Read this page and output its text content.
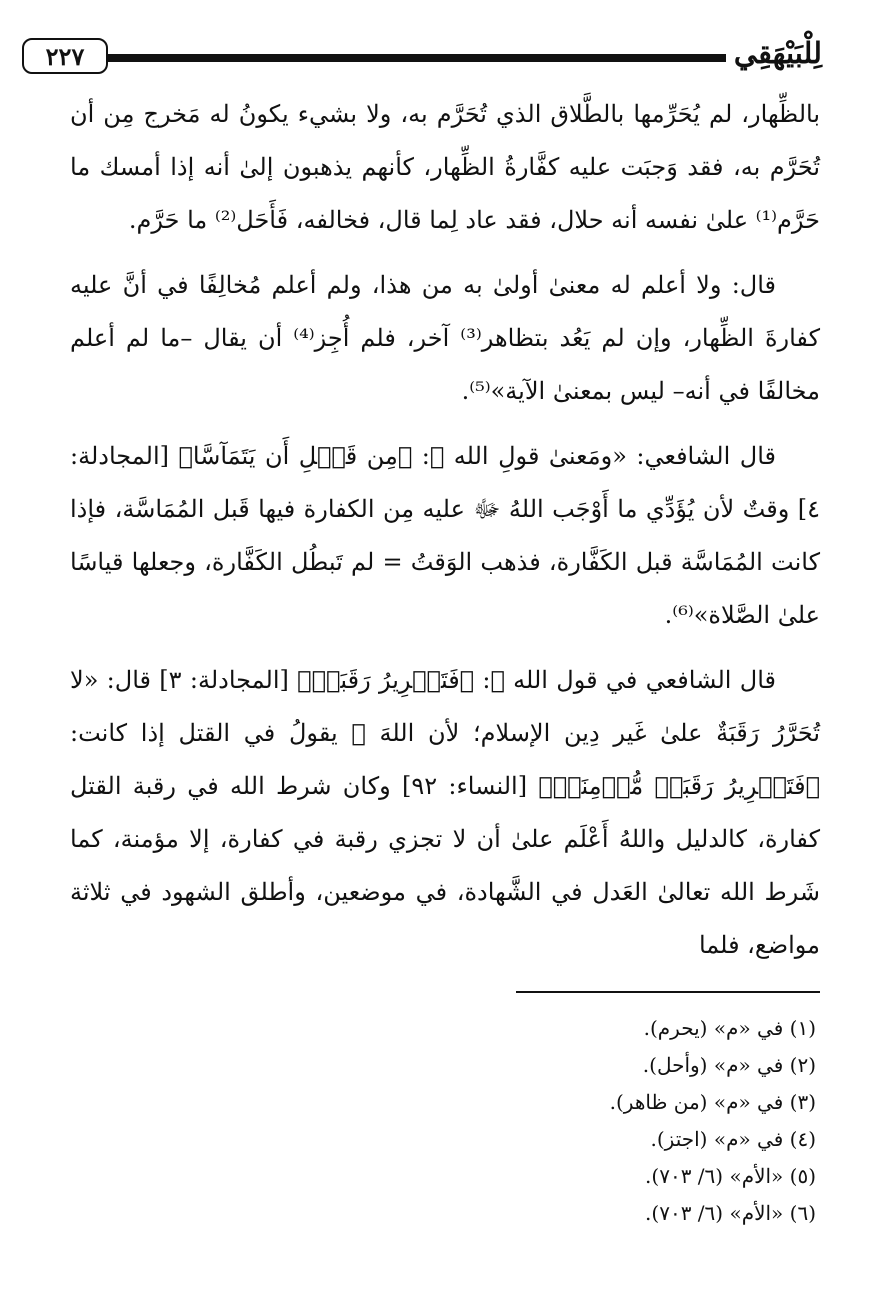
٢٢٧	لِلْبَيْهَقِي

بالظِّهار، لم يُحَرِّمها بالطَّلاق الذي تُحَرَّم به، ولا بشيء يكونُ له مَخرج مِن أن تُحَرَّم به، فقد وَجبَت عليه كفَّارةُ الظِّهار، كأنهم يذهبون إلىٰ أنه إذا أمسك ما حَرَّم⁽¹⁾ علىٰ نفسه أنه حلال، فقد عاد لِما قال، فخالفه، فَأَحَل⁽²⁾ ما حَرَّم.

قال: ولا أعلم له معنىٰ أولىٰ به من هذا، ولم أعلم مُخالِفًا في أنَّ عليه كفارةَ الظِّهار، وإن لم يَعُد بتظاهر⁽³⁾ آخر، فلم أُجِز⁽⁴⁾ أن يقال –ما لم أعلم مخالفًا في أنه– ليس بمعنىٰ الآية»⁽⁵⁾.

قال الشافعي: «ومَعنىٰ قولِ الله ﷻ: ﴿مِن قَبۡلِ أَن يَتَمَآسَّا﴾ [المجادلة: ٤] وقتٌ لأن يُؤَدِّي ما أَوْجَب اللهُ ﷻ عليه مِن الكفارة فيها قَبل المُمَاسَّة، فإذا كانت المُمَاسَّة قبل الكَفَّارة، فذهب الوَقتُ = لم تَبطُل الكَفَّارة، وجعلها قياسًا علىٰ الصَّلاة»⁽⁶⁾.

قال الشافعي في قول الله ﷻ: ﴿فَتَحۡرِيرُ رَقَبَةٖ﴾ [المجادلة: ٣] قال: «لا تُحَرَّرُ رَقَبَةٌ علىٰ غَير دِين الإسلام؛ لأن اللهَ ﷻ يقولُ في القتل إذا كانت: ﴿فَتَحۡرِيرُ رَقَبَةٖ مُّؤۡمِنَةٖ﴾ [النساء: ٩٢] وكان شرط الله في رقبة القتل كفارة، كالدليل واللهُ أَعْلَم علىٰ أن لا تجزي رقبة في كفارة، إلا مؤمنة، كما شَرط الله تعالىٰ العَدل في الشَّهادة، في موضعين، وأطلق الشهود في ثلاثة مواضع، فلما

(١) في «م» (يحرم).
(٢) في «م» (وأحل).
(٣) في «م» (من ظاهر).
(٤) في «م» (اجتز).
(٥) «الأم» (٦/ ٧٠٣).
(٦) «الأم» (٦/ ٧٠٣).
